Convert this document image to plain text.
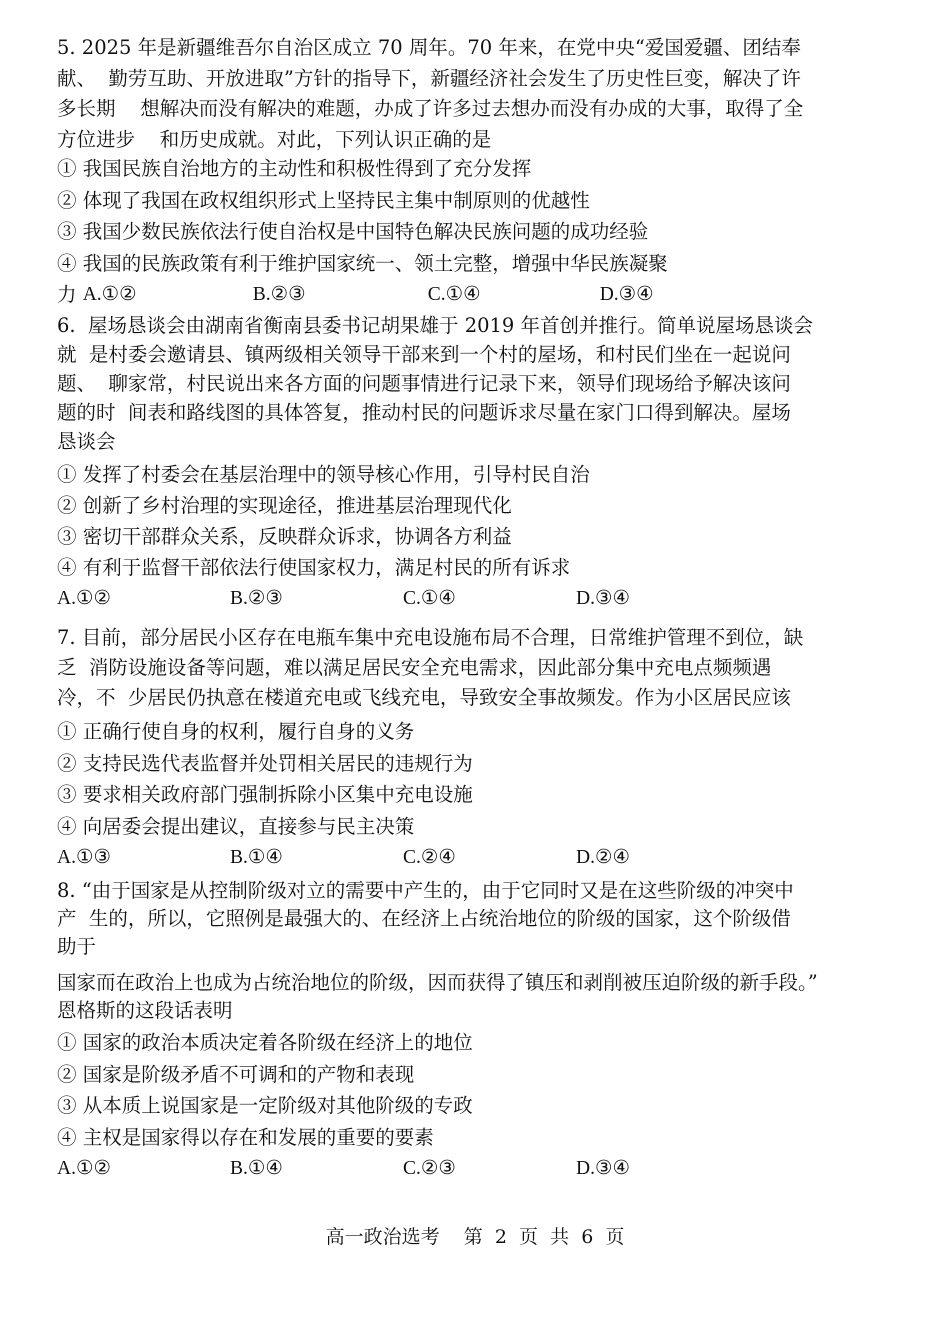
5. 2025 年是新疆维吾尔自治区成立 70 周年。70 年来，在党中央“爱国爱疆、团结奉
献、  勤劳互助、开放进取”方针的指导下，新疆经济社会发生了历史性巨变，解决了许
多长期    想解决而没有解决的难题，办成了许多过去想办而没有办成的大事，取得了全
方位进步    和历史成就。对此，下列认识正确的是
① 我国民族自治地方的主动性和积极性得到了充分发挥
② 体现了我国在政权组织形式上坚持民主集中制原则的优越性
③ 我国少数民族依法行使自治权是中国特色解决民族问题的成功经验
④ 我国的民族政策有利于维护国家统一、领土完整，增强中华民族凝聚
力 A.①②	B.②③	C.①④	D.③④
6.  屋场恳谈会由湖南省衡南县委书记胡果雄于 2019 年首创并推行。简单说屋场恳谈会
就  是村委会邀请县、镇两级相关领导干部来到一个村的屋场，和村民们坐在一起说问
题、  聊家常，村民说出来各方面的问题事情进行记录下来，领导们现场给予解决该问
题的时  间表和路线图的具体答复，推动村民的问题诉求尽量在家门口得到解决。屋场
恳谈会
① 发挥了村委会在基层治理中的领导核心作用，引导村民自治
② 创新了乡村治理的实现途径，推进基层治理现代化
③ 密切干部群众关系，反映群众诉求，协调各方利益
④ 有利于监督干部依法行使国家权力，满足村民的所有诉求
A.①②	B.②③	C.①④	D.③④
7. 目前，部分居民小区存在电瓶车集中充电设施布局不合理，日常维护管理不到位，缺
乏  消防设施设备等问题，难以满足居民安全充电需求，因此部分集中充电点频频遇
冷，不  少居民仍执意在楼道充电或飞线充电，导致安全事故频发。作为小区居民应该
① 正确行使自身的权利，履行自身的义务
② 支持民选代表监督并处罚相关居民的违规行为
③ 要求相关政府部门强制拆除小区集中充电设施
④ 向居委会提出建议，直接参与民主决策
A.①③	B.①④	C.②④	D.②④
8. “由于国家是从控制阶级对立的需要中产生的，由于它同时又是在这些阶级的冲突中
产  生的，所以，它照例是最强大的、在经济上占统治地位的阶级的国家，这个阶级借
助于
国家而在政治上也成为占统治地位的阶级，因而获得了镇压和剥削被压迫阶级的新手段。”
恩格斯的这段话表明
① 国家的政治本质决定着各阶级在经济上的地位
② 国家是阶级矛盾不可调和的产物和表现
③ 从本质上说国家是一定阶级对其他阶级的专政
④ 主权是国家得以存在和发展的重要的要素
A.①②	B.①④	C.②③	D.③④
高一政治选考    第  2  页  共  6  页
